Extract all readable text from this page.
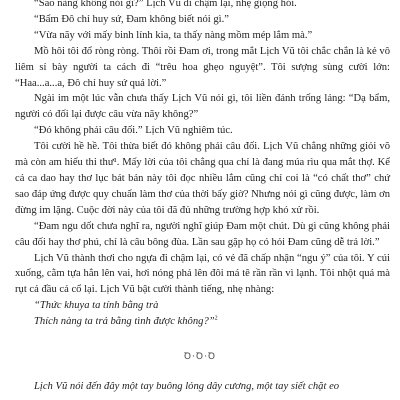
“Sao nàng không nói gì?” Lịch Vũ đi chậm lại, nhẹ giọng hỏi.

“Bẩm Đô chỉ huy sứ, Đam không biết nói gì.”

“Vừa nãy với mấy binh lính kia, ta thấy nàng mồm mép lắm mà.”

Mồ hôi tôi đổ ròng ròng. Thôi rồi Đam ơi, trong mắt Lịch Vũ tôi chắc chắn là kẻ vô liêm sỉ bày người ta cách đi “trêu hoa ghẹo nguyệt”. Tôi sượng sùng cười lớn: “Haa...a...a, Đô chỉ huy sứ quá lời.”

Ngài im một lúc vẫn chưa thấy Lịch Vũ nói gì, tôi liền đánh trống lảng: “Dạ bẩm, người có đối lại được câu vừa nãy không?”

“Đó không phải câu đối.” Lịch Vũ nghiêm túc.

Tôi cười hề hề. Tôi thừa biết đó không phải câu đối. Lịch Vũ chẳng những giỏi võ mà còn am hiểu thi thư¹. Mấy lời của tôi chẳng qua chỉ là đang múa rìu qua mắt thợ. Kể cả ca dao hay thơ lục bát bản này tôi đọc nhiều lắm cũng chỉ coi là “có chất thơ” chứ sao đáp ứng được quy chuẩn làm thơ của thời bấy giờ? Nhưng nói gì cũng được, làm ơn đừng im lặng. Cuộc đời này của tôi đã đủ những trường hợp khó xử rồi.

“Đam ngu dốt chưa nghĩ ra, người nghĩ giúp Đam một chút. Dù gì cũng không phải câu đối hay thơ phú, chỉ là câu bông đùa. Lần sau gặp họ có hỏi Đam cũng dễ trả lời.”

Lịch Vũ thành thơi cho ngựa đi chậm lại, có vẻ đã chấp nhận “ngu ý” của tôi. Y cúi xuống, cằm tựa hẳn lên vai, hơi nóng phả lên đôi má tê rần rần vì lạnh. Tôi nhột quá mà rụt cả đầu cả cổ lại. Lịch Vũ bật cười thành tiếng, nhẹ nhàng:

“Thức khuya ta tính bằng trà

Thích nàng ta trả bằng tình được không?”$^2$

Ꝺ·Ꝺ·Ꝺ
Lịch Vũ nói đến đây một tay buông lỏng dây cương, một tay siết chặt eo
